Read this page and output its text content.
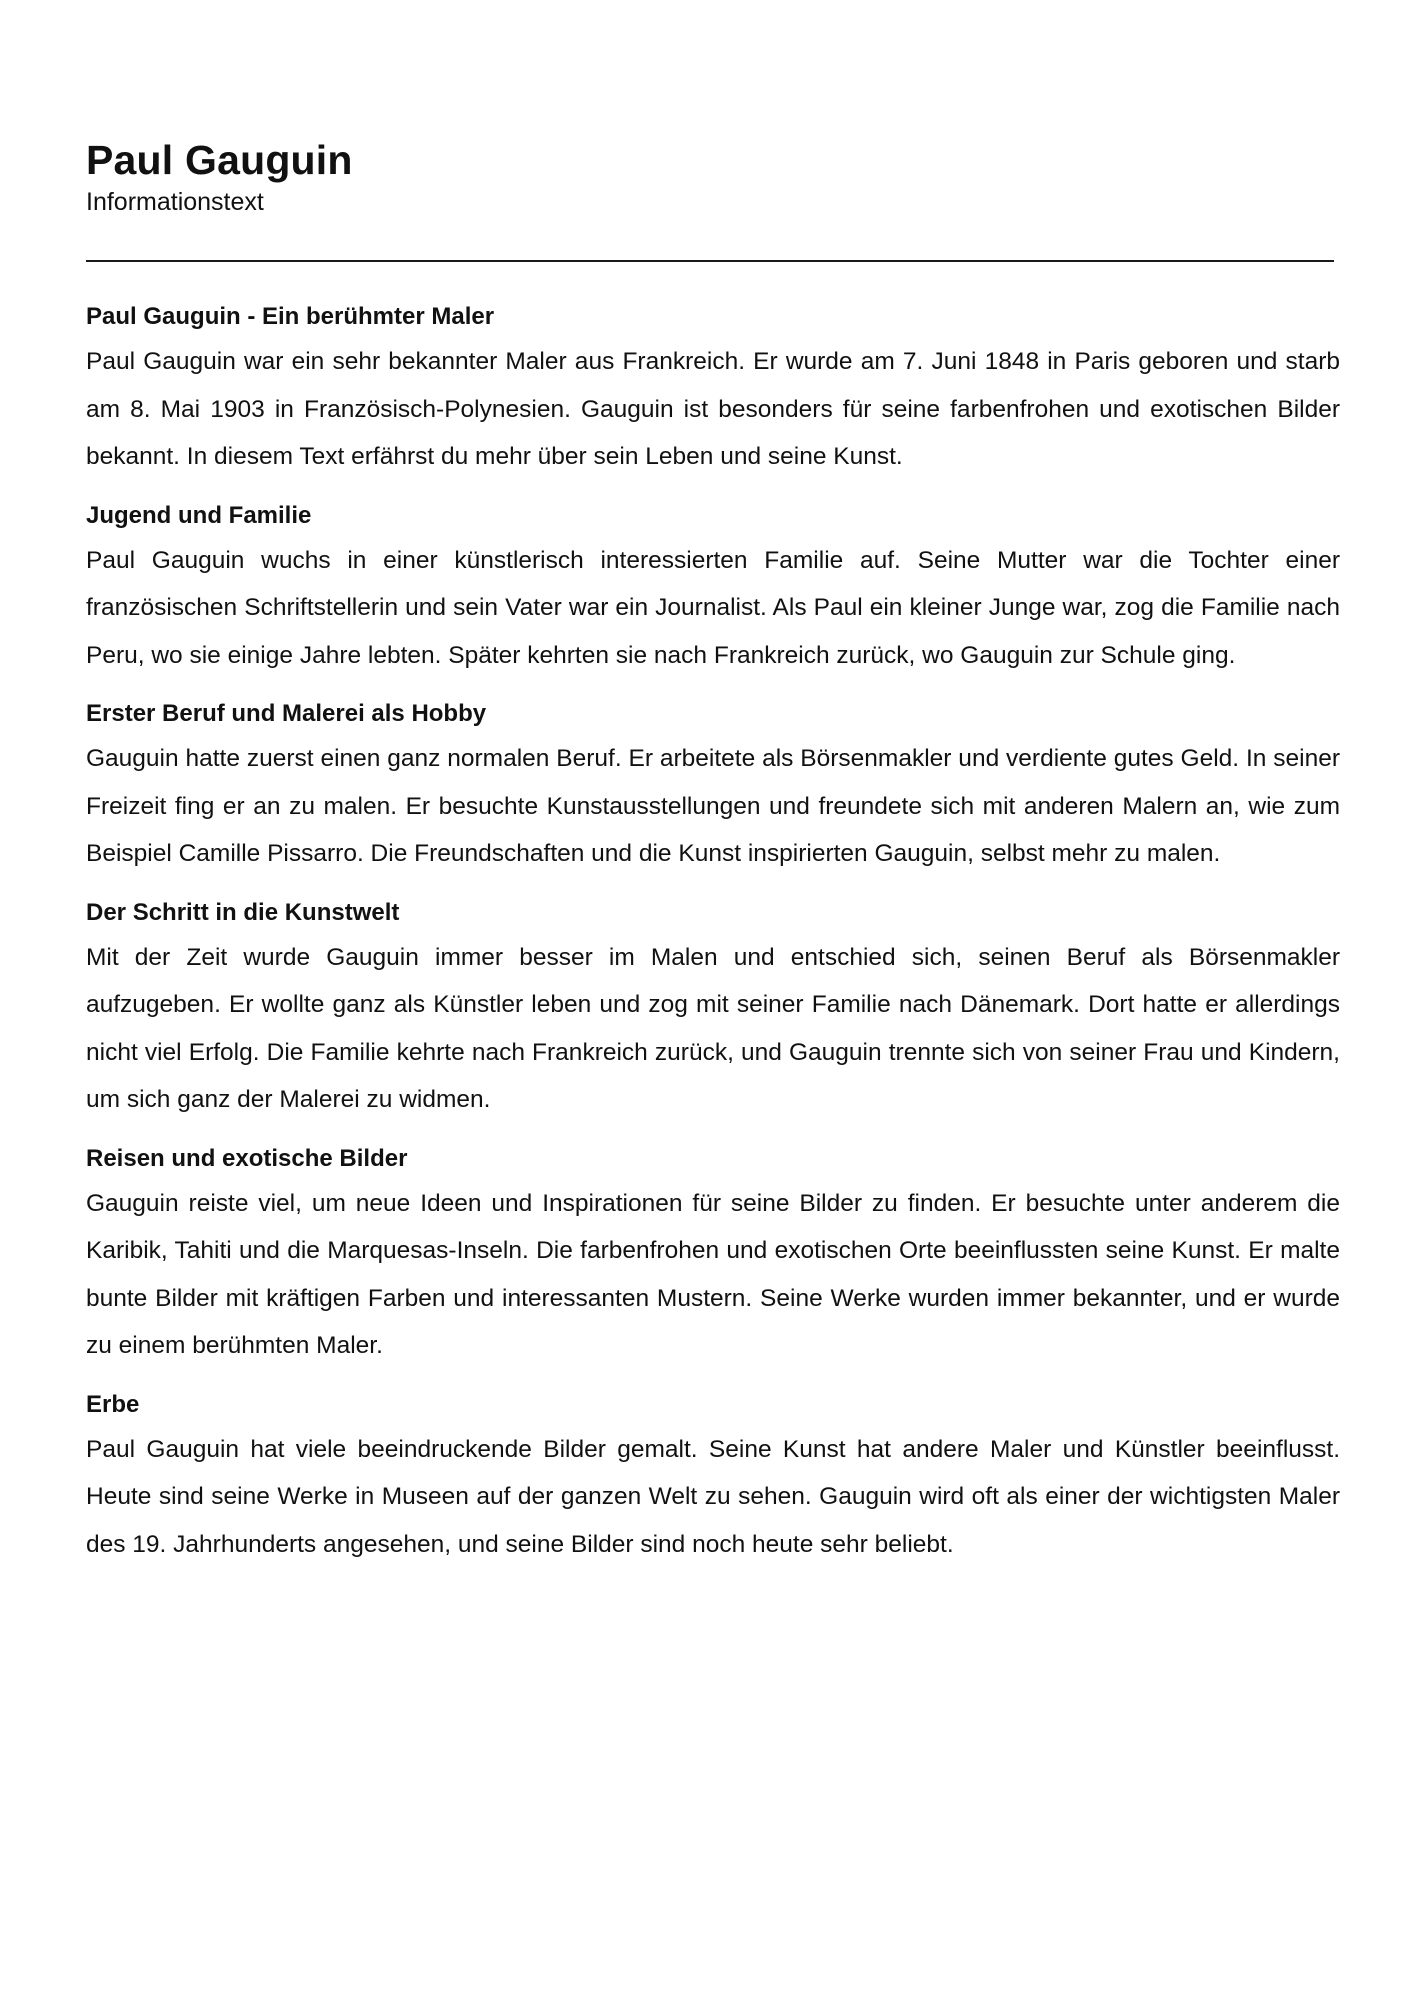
Paul Gauguin
Informationstext
Paul Gauguin - Ein berühmter Maler

Paul Gauguin war ein sehr bekannter Maler aus Frankreich. Er wurde am 7. Juni 1848 in Paris geboren und starb am 8. Mai 1903 in Französisch-Polynesien. Gauguin ist besonders für seine farbenfrohen und exotischen Bilder bekannt. In diesem Text erfährst du mehr über sein Leben und seine Kunst.

Jugend und Familie

Paul Gauguin wuchs in einer künstlerisch interessierten Familie auf. Seine Mutter war die Tochter einer französischen Schriftstellerin und sein Vater war ein Journalist. Als Paul ein kleiner Junge war, zog die Familie nach Peru, wo sie einige Jahre lebten. Später kehrten sie nach Frankreich zurück, wo Gauguin zur Schule ging.

Erster Beruf und Malerei als Hobby

Gauguin hatte zuerst einen ganz normalen Beruf. Er arbeitete als Börsenmakler und verdiente gutes Geld. In seiner Freizeit fing er an zu malen. Er besuchte Kunstausstellungen und freundete sich mit anderen Malern an, wie zum Beispiel Camille Pissarro. Die Freundschaften und die Kunst inspirierten Gauguin, selbst mehr zu malen.

Der Schritt in die Kunstwelt

Mit der Zeit wurde Gauguin immer besser im Malen und entschied sich, seinen Beruf als Börsenmakler aufzugeben. Er wollte ganz als Künstler leben und zog mit seiner Familie nach Dänemark. Dort hatte er allerdings nicht viel Erfolg. Die Familie kehrte nach Frankreich zurück, und Gauguin trennte sich von seiner Frau und Kindern, um sich ganz der Malerei zu widmen.

Reisen und exotische Bilder

Gauguin reiste viel, um neue Ideen und Inspirationen für seine Bilder zu finden. Er besuchte unter anderem die Karibik, Tahiti und die Marquesas-Inseln. Die farbenfrohen und exotischen Orte beeinflussten seine Kunst. Er malte bunte Bilder mit kräftigen Farben und interessanten Mustern. Seine Werke wurden immer bekannter, und er wurde zu einem berühmten Maler.

Erbe

Paul Gauguin hat viele beeindruckende Bilder gemalt. Seine Kunst hat andere Maler und Künstler beeinflusst. Heute sind seine Werke in Museen auf der ganzen Welt zu sehen. Gauguin wird oft als einer der wichtigsten Maler des 19. Jahrhunderts angesehen, und seine Bilder sind noch heute sehr beliebt.
